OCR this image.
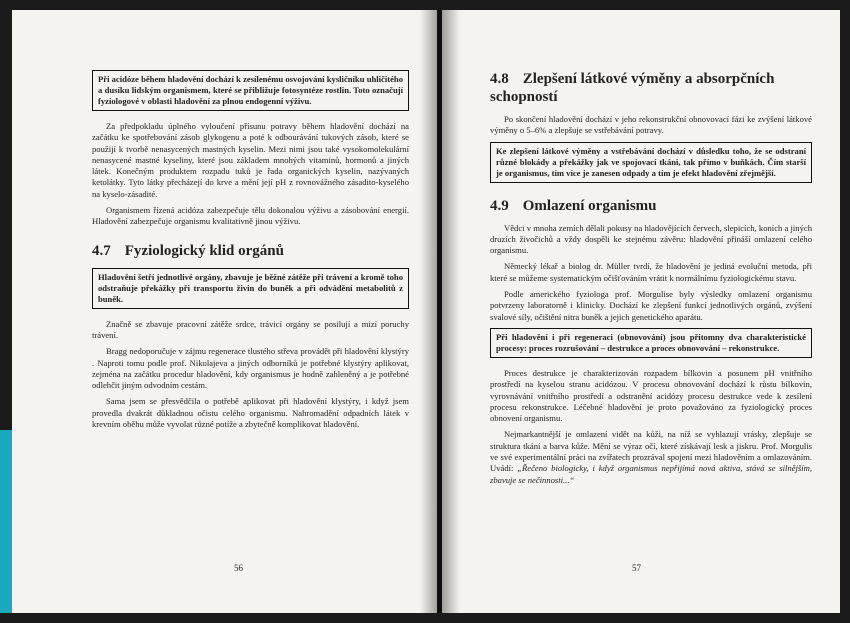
Při acidóze během hladovění dochází k zesílenému osvojování kysličníku uhličitého a dusíku lidským organismem, které se přibližuje fotosyntéze rostlin. Toto označují fyziologové v oblasti hladovění za plnou endogenní výživu.

Za předpokladu úplného vyloučení přísunu potravy během hladovění dochází na začátku ke spotřebování zásob glykogenu a poté k odbourávání tukových zásob, které se použijí k tvorbě nenasycených mastných kyselin. Mezi nimi jsou také vysokomolekulární nenasycené mastné kyseliny, které jsou základem mnohých vitaminů, hormonů a jiných látek. Konečným produktem rozpadu tuků je řada organických kyselin, nazývaných ketolátky. Tyto látky přecházejí do krve a mění její pH z rovnovážného zásadito-kyselého na kyselo-zásadité.

Organismem řízená acidóza zabezpečuje tělu dokonalou výživu a zásobování energií. Hladovění zabezpečuje organismu kvalitativně jinou výživu.

4.7 Fyziologický klid orgánů
Hladovění šetří jednotlivé orgány, zbavuje je běžné zátěže při trávení a kromě toho odstraňuje překážky při transportu živin do buněk a při odvádění metabolitů z buněk.

Značně se zbavuje pracovní zátěže srdce, trávicí orgány se posilují a mizí poruchy trávení.

Bragg nedoporučuje v zájmu regenerace tlustého střeva provádět při hladovění klystýry . Naproti tomu podle prof. Nikolajeva a jiných odborníků je potřebné klystýry aplikovat, zejména na začátku procedur hladovění, kdy organismus je hodně zahleněný a je potřebné odlehčit jiným odvodním cestám.

Sama jsem se přesvědčila o potřebě aplikovat při hladovění klystýry, i když jsem provedla dvakrát důkladnou očistu celého organismu. Nahromadění odpadních látek v krevním oběhu může vyvolat různé potíže a zbytečně komplikovat hladovění.

56
4.8 Zlepšení látkové výměny a absorpčních schopností

Po skončení hladovění dochází v jeho rekonstrukční obnovovací fázi ke zvýšení látkové výměny o 5–6% a zlepšuje se vstřebávání potravy.

Ke zlepšení látkové výměny a vstřebávání dochází v důsledku toho, že se odstraní různé blokády a překážky jak ve spojovací tkáni, tak přímo v buňkách. Čím starší je organismus, tím více je zanesen odpady a tím je efekt hladovění zřejmější.
4.9 Omlazení organismu

Vědci v mnoha zemích dělali pokusy na hladovějících červech, slepicích, koních a jiných druzích živočichů a vždy dospěli ke stejnému závěru: hladovění přináší omlazení celého organismu.

Německý lékař a biolog dr. Müller tvrdí, že hladovění je jediná evoluční metoda, při které se můžeme systematickým očišťováním vrátit k normálnímu fyziologickému stavu.

Podle amerického fyziologa prof. Morgulise byly výsledky omlazení organismu potvrzeny laboratorně i klinicky. Dochází ke zlepšení funkcí jednotlivých orgánů, zvýšení svalové síly, očištění nitra buněk a jejich genetického aparátu.

Při hladovění i při regeneraci (obnovování) jsou přítomny dva charakteristické procesy: proces rozrušování – destrukce a proces obnovování – rekonstrukce.

Proces destrukce je charakterizován rozpadem bílkovin a posunem pH vnitřního prostředí na kyselou stranu acidózou. V procesu obnovování dochází k růstu bílkovin, vyrovnávání vnitřního prostředí a odstranění acidózy procesu destrukce vede k zesílení procesu rekonstrukce. Léčebné hladovění je proto považováno za fyziologický proces obnovení organismu.

Nejmarkantnější je omlazení vidět na kůži, na níž se vyhlazují vrásky, zlepšuje se struktura tkání a barva kůže. Mění se výraz očí, které získávají lesk a jiskru. Prof. Morgulis ve své experimentální práci na zvířatech prozrával spojení mezi hladověním a omlazováním. Uvádí: „Řečeno biologicky, i když organismus nepřijímá nová aktiva, stává se silnějším, zbavuje se nečinnosti...“

57
